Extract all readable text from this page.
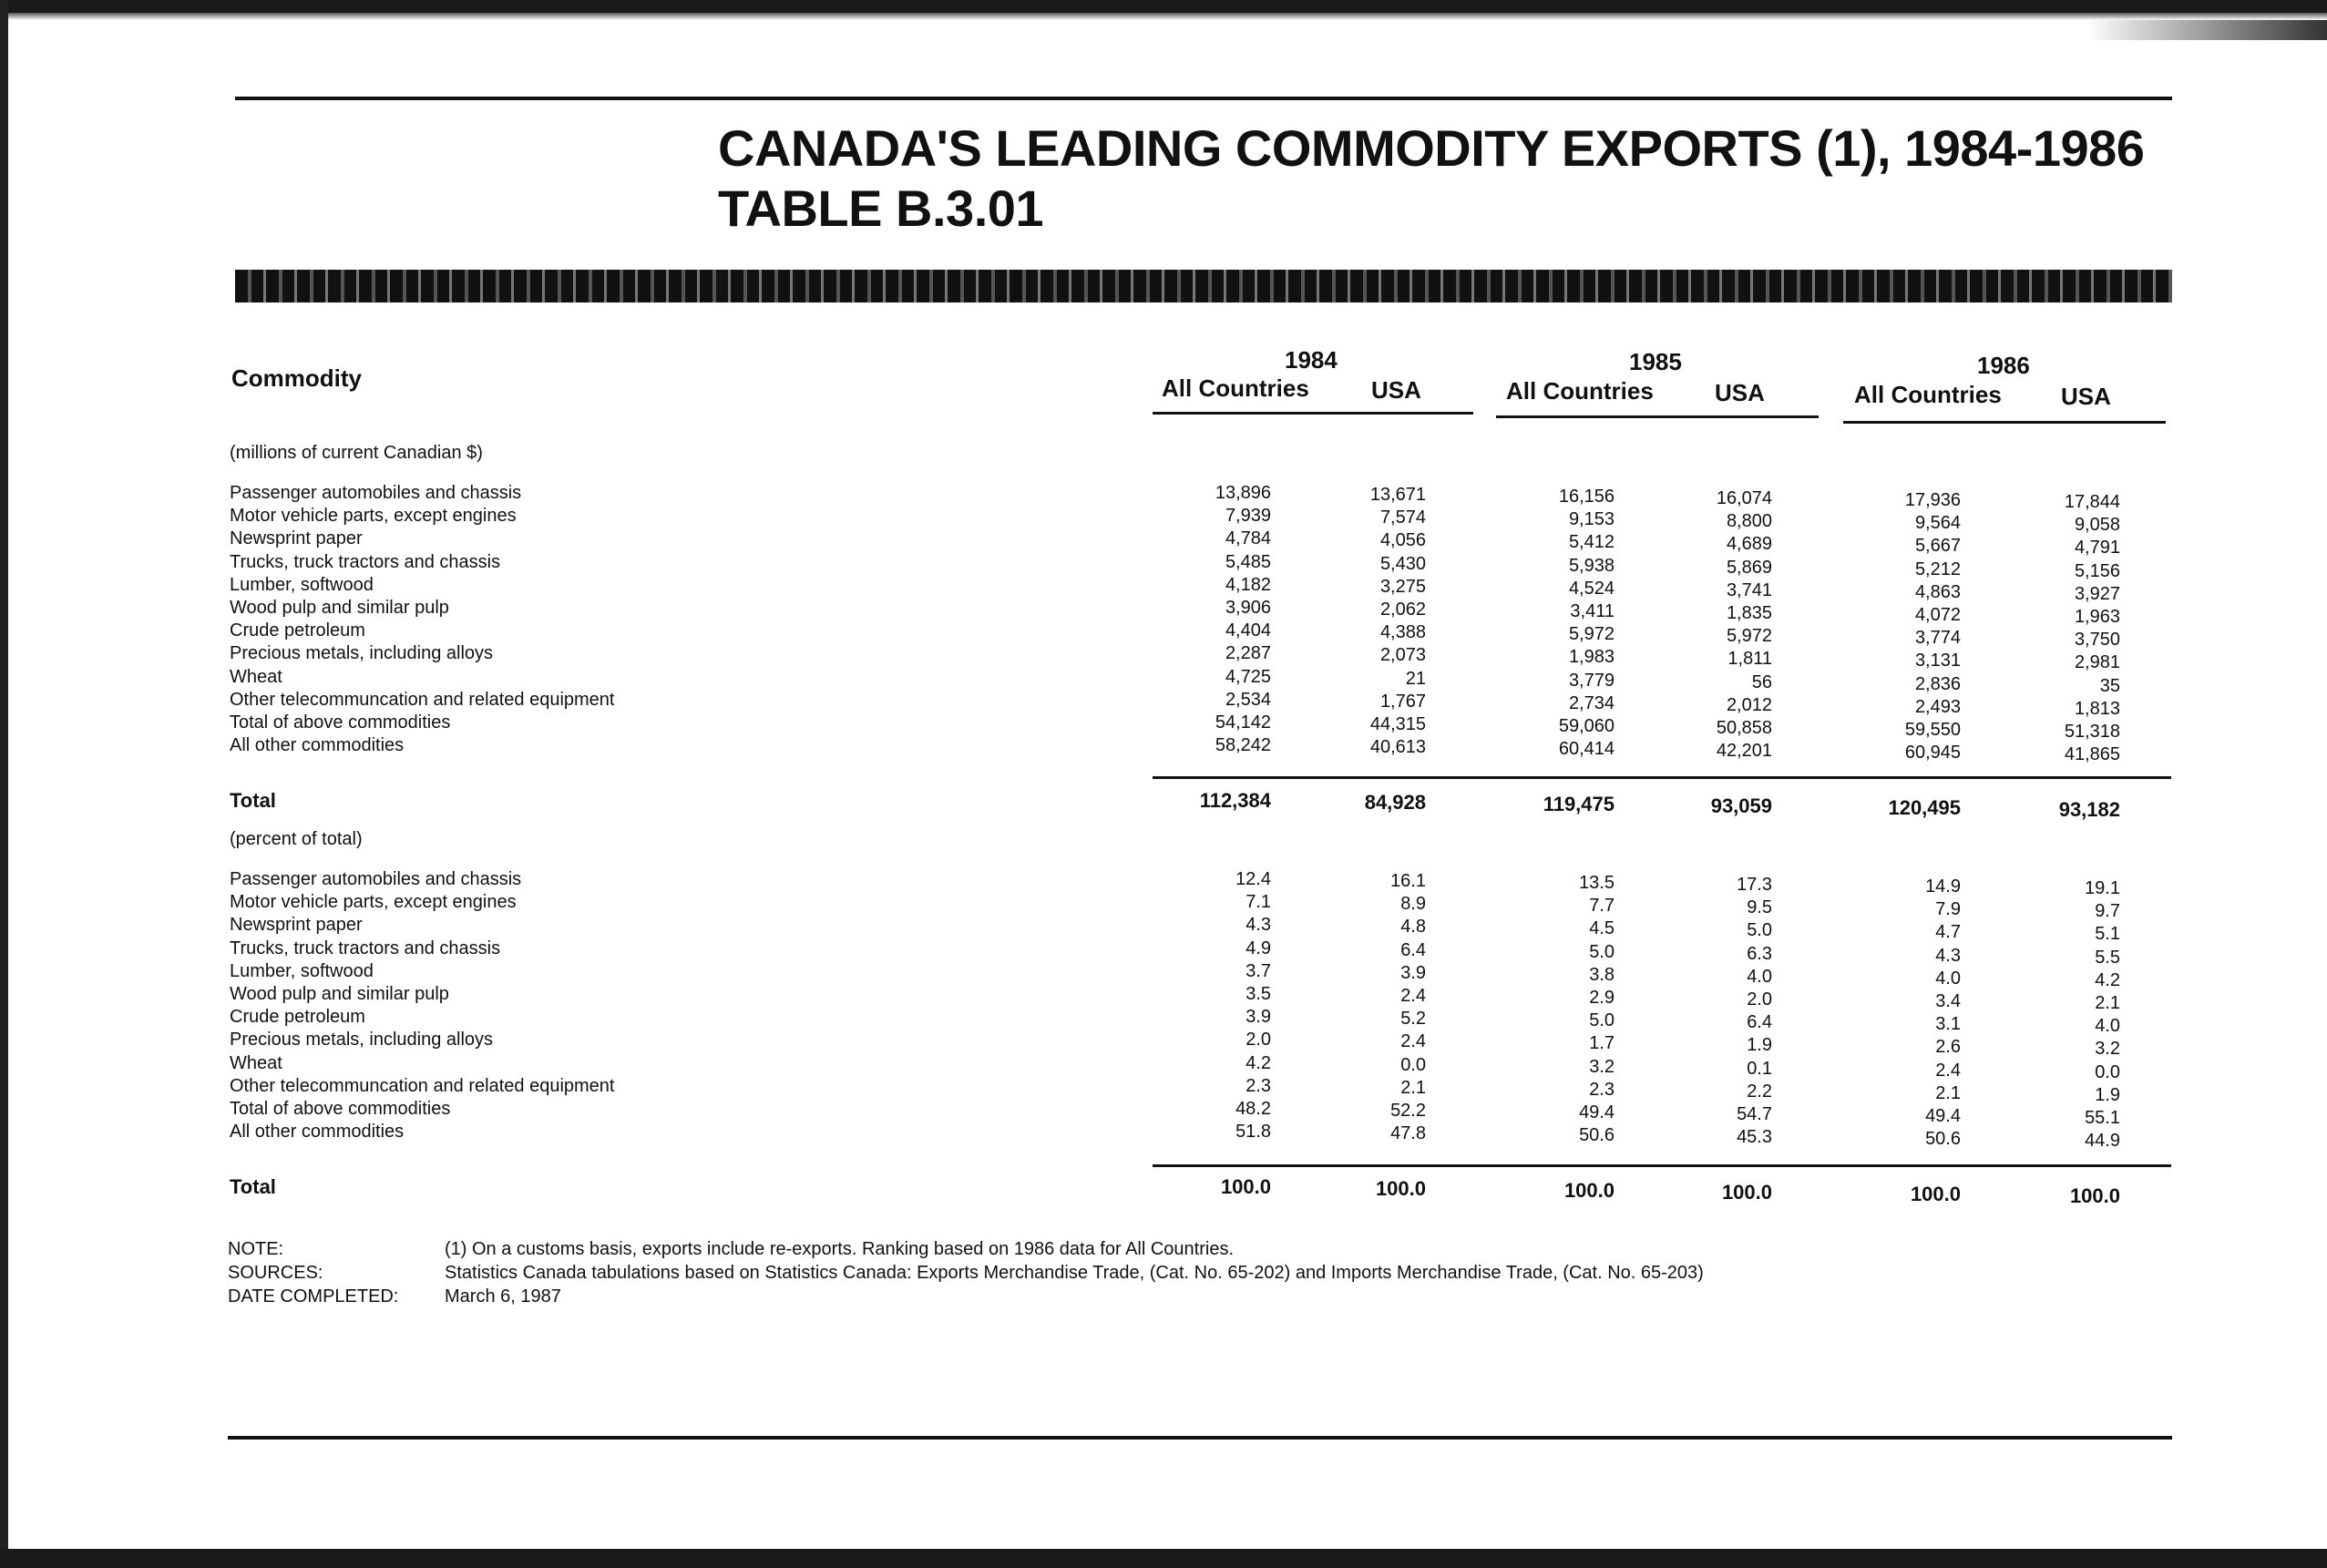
CANADA'S LEADING COMMODITY EXPORTS (1), 1984-1986
TABLE B.3.01
Commodity
1984
All Countries	USA
1985
All Countries	USA
1986
All Countries	USA
(millions of current Canadian $)
(percent of total)
Passenger automobiles and chassis	13,896	13,671	16,156	16,074	17,936	17,844
Motor vehicle parts, except engines	7,939	7,574	9,153	8,800	9,564	9,058
Newsprint paper	4,784	4,056	5,412	4,689	5,667	4,791
Trucks, truck tractors and chassis	5,485	5,430	5,938	5,869	5,212	5,156
Lumber, softwood	4,182	3,275	4,524	3,741	4,863	3,927
Wood pulp and similar pulp	3,906	2,062	3,411	1,835	4,072	1,963
Crude petroleum	4,404	4,388	5,972	5,972	3,774	3,750
Precious metals, including alloys	2,287	2,073	1,983	1,811	3,131	2,981
Wheat	4,725	21	3,779	56	2,836	35
Other telecommuncation and related equipment	2,534	1,767	2,734	2,012	2,493	1,813
Total of above commodities	54,142	44,315	59,060	50,858	59,550	51,318
All other commodities	58,242	40,613	60,414	42,201	60,945	41,865
Total	112,384	84,928	119,475	93,059	120,495	93,182
Passenger automobiles and chassis	12.4	16.1	13.5	17.3	14.9	19.1
Motor vehicle parts, except engines	7.1	8.9	7.7	9.5	7.9	9.7
Newsprint paper	4.3	4.8	4.5	5.0	4.7	5.1
Trucks, truck tractors and chassis	4.9	6.4	5.0	6.3	4.3	5.5
Lumber, softwood	3.7	3.9	3.8	4.0	4.0	4.2
Wood pulp and similar pulp	3.5	2.4	2.9	2.0	3.4	2.1
Crude petroleum	3.9	5.2	5.0	6.4	3.1	4.0
Precious metals, including alloys	2.0	2.4	1.7	1.9	2.6	3.2
Wheat	4.2	0.0	3.2	0.1	2.4	0.0
Other telecommuncation and related equipment	2.3	2.1	2.3	2.2	2.1	1.9
Total of above commodities	48.2	52.2	49.4	54.7	49.4	55.1
All other commodities	51.8	47.8	50.6	45.3	50.6	44.9
Total	100.0	100.0	100.0	100.0	100.0	100.0
NOTE:	(1) On a customs basis, exports include re-exports. Ranking based on 1986 data for All Countries.
SOURCES:	Statistics Canada tabulations based on Statistics Canada: Exports Merchandise Trade, (Cat. No. 65-202) and Imports Merchandise Trade, (Cat. No. 65-203)
DATE COMPLETED:	March 6, 1987
